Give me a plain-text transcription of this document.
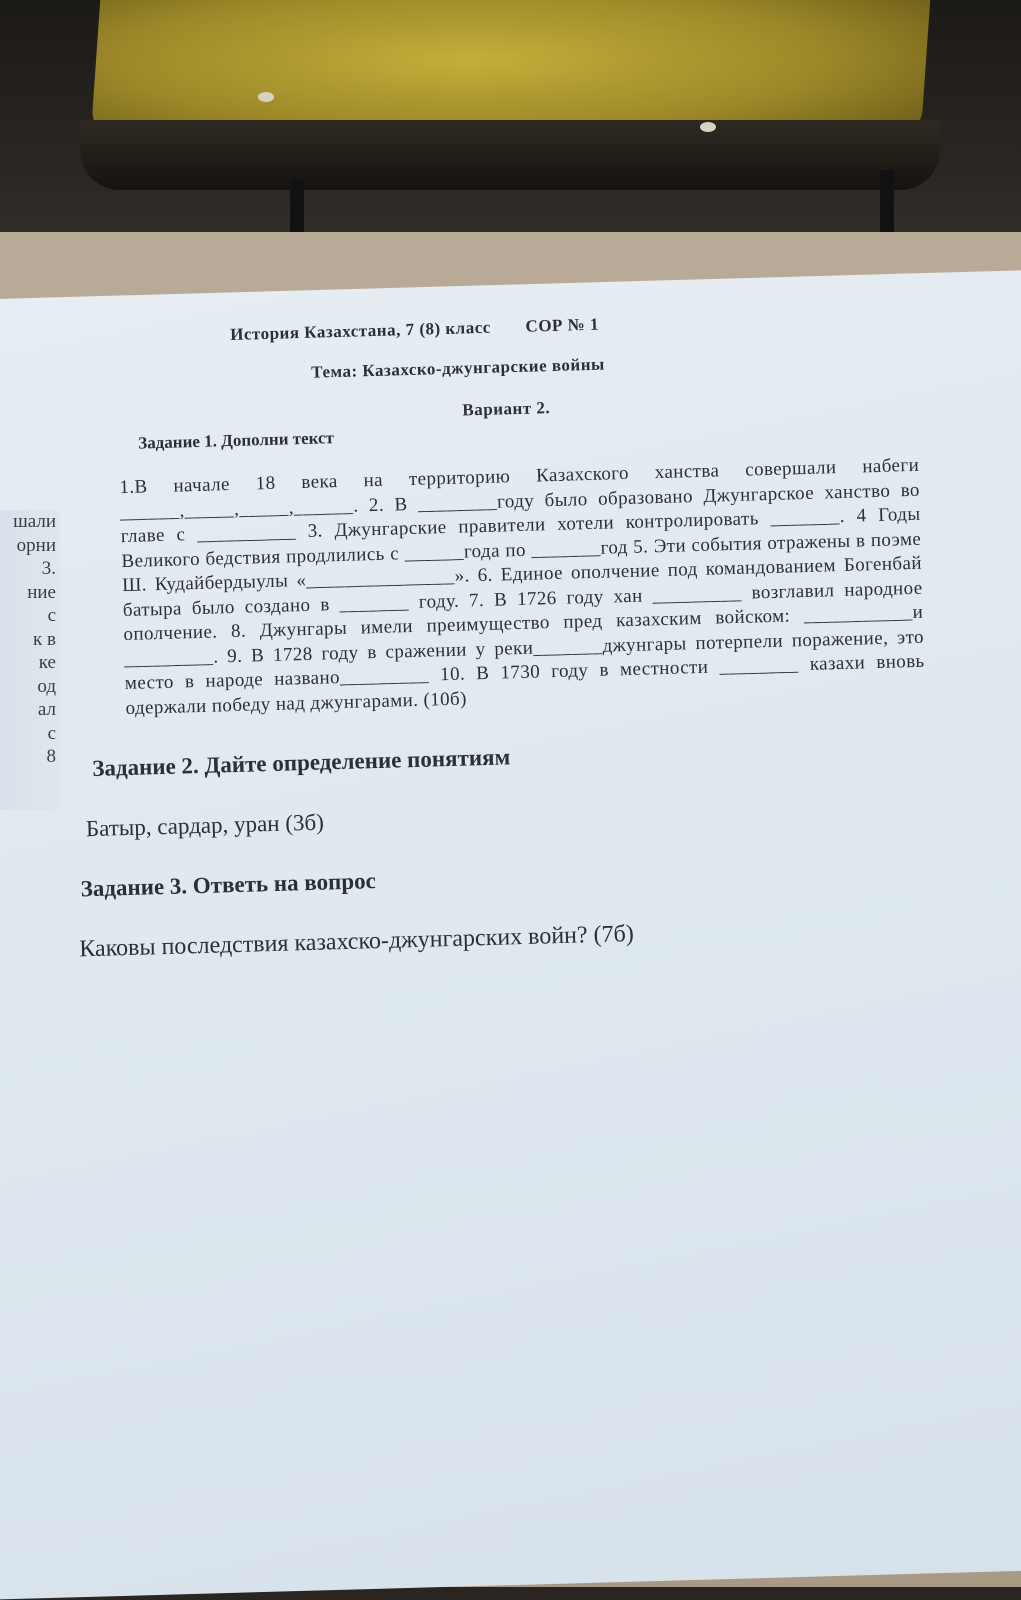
шали
орни
3.
ние
с
к в
ке
од
ал
с
8
История Казахстана, 7 (8) класс СОР № 1
Тема: Казахско-джунгарские войны
Вариант 2.
Задание 1. Дополни текст
1.В начале 18 века на территорию Казахского ханства совершали набеги ______,_____,_____,______. 2. В ________году было образовано Джунгарское ханство во главе с __________ 3. Джунгарские правители хотели контролировать _______. 4 Годы Великого бедствия продлились с ______года по _______год 5. Эти события отражены в поэме Ш. Кудайбердыулы «_______________». 6. Единое ополчение под командованием Богенбай батыра было создано в _______ году. 7. В 1726 году хан _________ возглавил народное ополчение. 8. Джунгары имели преимущество пред казахским войском: ___________и _________. 9. В 1728 году в сражении у реки_______джунгары потерпели поражение, это место в народе названо_________ 10. В 1730 году в местности ________ казахи вновь одержали победу над джунгарами. (10б)
Задание 2. Дайте определение понятиям
Батыр, сардар, уран (3б)
Задание 3. Ответь на вопрос
Каковы последствия казахско-джунгарских войн? (7б)
